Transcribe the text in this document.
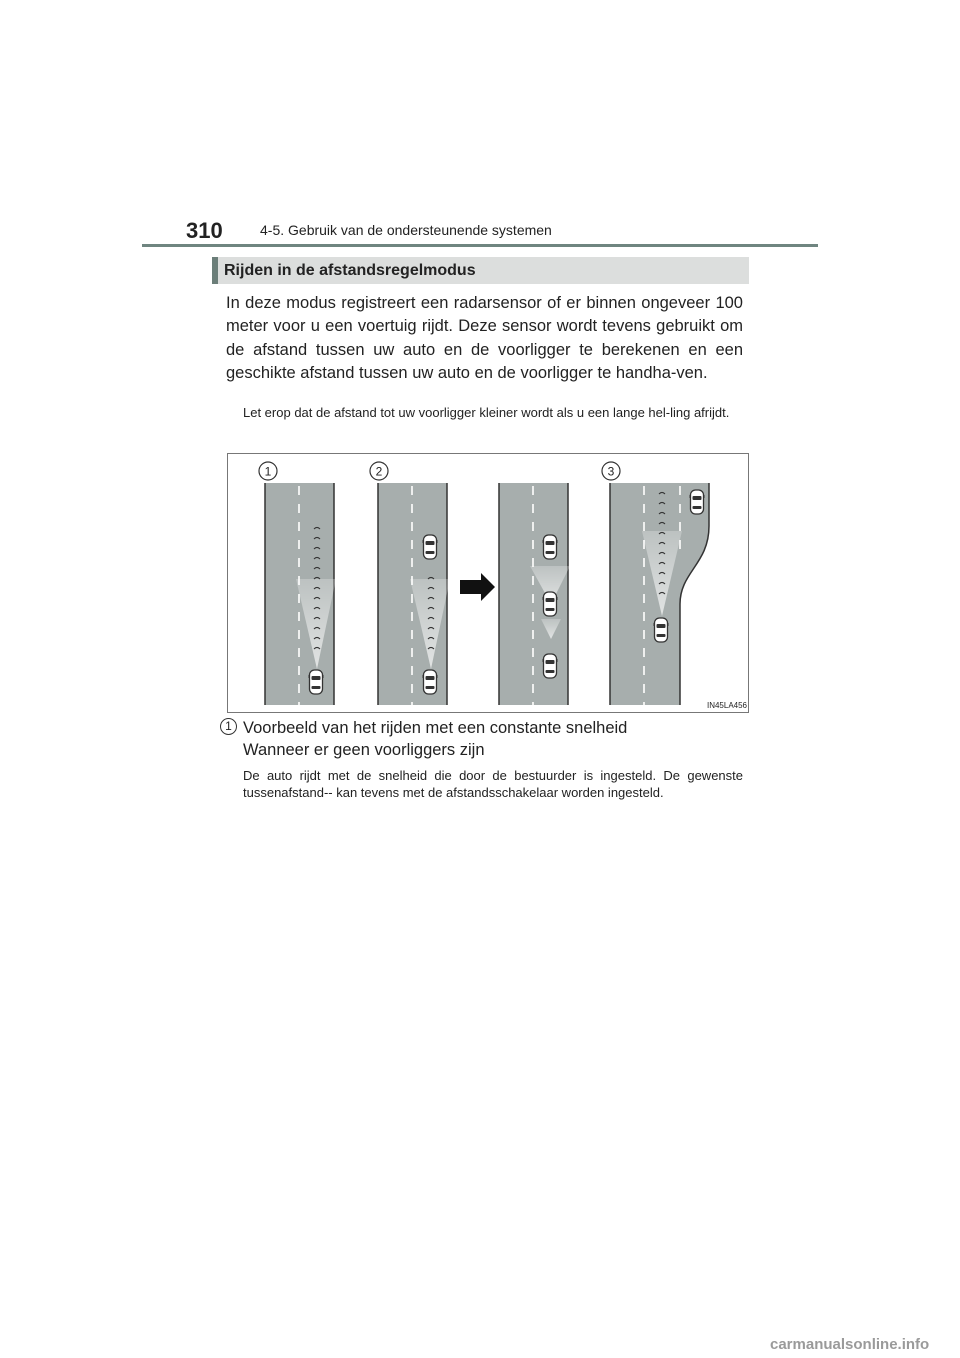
310	4-5. Gebruik van de ondersteunende systemen
Rijden in de afstandsregelmodus
In deze modus registreert een radarsensor of er binnen ongeveer 100 meter voor u een voertuig rijdt. Deze sensor wordt tevens gebruikt om de afstand tussen uw auto en de voorligger te berekenen en een geschikte afstand tussen uw auto en de voorligger te handha-ven.
Let erop dat de afstand tot uw voorligger kleiner wordt als u een lange hel-ling afrijdt.
1	2	3
IN45LA456
1 Voorbeeld van het rijden met een constante snelheid
Wanneer er geen voorliggers zijn
De auto rijdt met de snelheid die door de bestuurder is ingesteld. De gewenste tussenafstand-- kan tevens met de afstandsschakelaar worden ingesteld.
carmanualsonline.info
